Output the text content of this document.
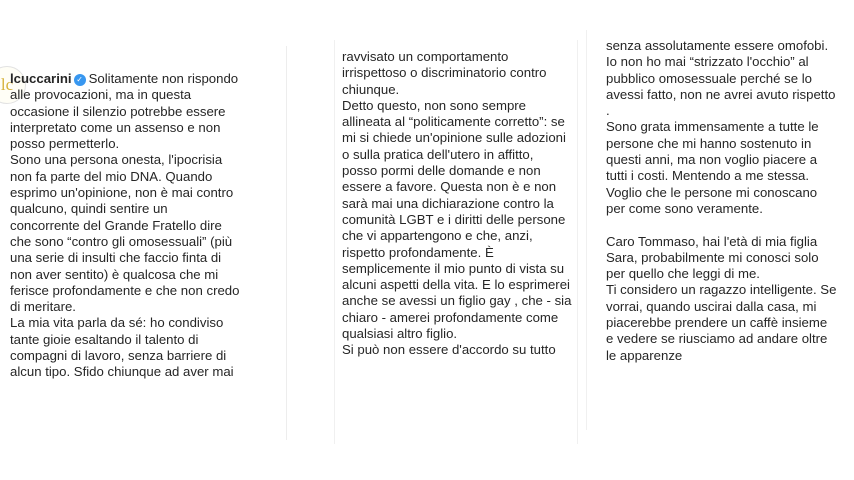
lc
lcuccarini ✓ Solitamente non rispondo
alle provocazioni, ma in questa
occasione il silenzio potrebbe essere
interpretato come un assenso e non
posso permetterlo.
Sono una persona onesta, l'ipocrisia
non fa parte del mio DNA. Quando
esprimo un'opinione, non è mai contro
qualcuno, quindi sentire un
concorrente del Grande Fratello dire
che sono “contro gli omosessuali” (più
una serie di insulti che faccio finta di
non aver sentito) è qualcosa che mi
ferisce profondamente e che non credo
di meritare.
La mia vita parla da sé: ho condiviso
tante gioie esaltando il talento di
compagni di lavoro, senza barriere di
alcun tipo. Sfido chiunque ad aver mai
ravvisato un comportamento
irrispettoso o discriminatorio contro
chiunque.
Detto questo, non sono sempre
allineata al “politicamente corretto”: se
mi si chiede un'opinione sulle adozioni
o sulla pratica dell'utero in affitto,
posso pormi delle domande e non
essere a favore. Questa non è e non
sarà mai una dichiarazione contro la
comunità LGBT e i diritti delle persone
che vi appartengono e che, anzi,
rispetto profondamente. È
semplicemente il mio punto di vista su
alcuni aspetti della vita. E lo esprimerei
anche se avessi un figlio gay , che - sia
chiaro - amerei profondamente come
qualsiasi altro figlio.
Si può non essere d'accordo su tutto
senza assolutamente essere omofobi.
Io non ho mai “strizzato l'occhio” al
pubblico omosessuale perché se lo
avessi fatto, non ne avrei avuto rispetto
.
Sono grata immensamente a tutte le
persone che mi hanno sostenuto in
questi anni, ma non voglio piacere a
tutti i costi. Mentendo a me stessa.
Voglio che le persone mi conoscano
per come sono veramente.

Caro Tommaso, hai l'età di mia figlia
Sara, probabilmente mi conosci solo
per quello che leggi di me.
Ti considero un ragazzo intelligente. Se
vorrai, quando uscirai dalla casa, mi
piacerebbe prendere un caffè insieme
e vedere se riusciamo ad andare oltre
le apparenze
